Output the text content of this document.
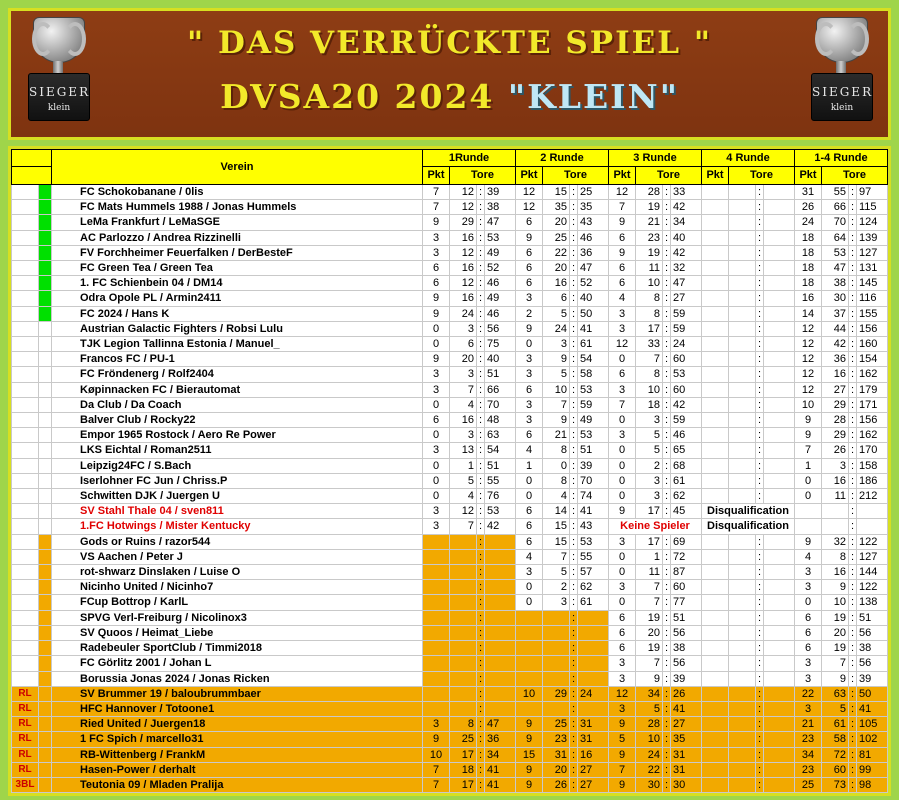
SIEGER
klein
" DAS VERRÜCKTE SPIEL "
DVSA20 2024 "KLEIN"	SIEGER
klein
		Verein	1Runde				2 Runde				3 Runde				4 Runde				1-4 Runde			
			Pkt	Tore			Pkt	Tore			Pkt	Tore			Pkt	Tore			Pkt	Tore		
		FC Schokobanane / 0lis	7	12	:	39	12	15	:	25	12	28	:	33			:		31	55	:	97
		FC Mats Hummels 1988 / Jonas Hummels	7	12	:	38	12	35	:	35	7	19	:	42			:		26	66	:	115
		LeMa Frankfurt / LeMaSGE	9	29	:	47	6	20	:	43	9	21	:	34			:		24	70	:	124
		AC Parlozzo / Andrea Rizzinelli	3	16	:	53	9	25	:	46	6	23	:	40			:		18	64	:	139
		FV Forchheimer Feuerfalken / DerBesteF	3	12	:	49	6	22	:	36	9	19	:	42			:		18	53	:	127
		FC Green Tea / Green Tea	6	16	:	52	6	20	:	47	6	11	:	32			:		18	47	:	131
		1. FC Schienbein 04 / DM14	6	12	:	46	6	16	:	52	6	10	:	47			:		18	38	:	145
		Odra Opole PL / Armin2411	9	16	:	49	3	6	:	40	4	8	:	27			:		16	30	:	116
		FC 2024 / Hans K	9	24	:	46	2	5	:	50	3	8	:	59			:		14	37	:	155
		Austrian Galactic Fighters / Robsi Lulu	0	3	:	56	9	24	:	41	3	17	:	59			:		12	44	:	156
		TJK Legion Tallinna Estonia / Manuel_	0	6	:	75	0	3	:	61	12	33	:	24			:		12	42	:	160
		Francos FC / PU-1	9	20	:	40	3	9	:	54	0	7	:	60			:		12	36	:	154
		FC Fröndenerg / Rolf2404	3	3	:	51	3	5	:	58	6	8	:	53			:		12	16	:	162
		Køpinnacken FC / Bierautomat	3	7	:	66	6	10	:	53	3	10	:	60			:		12	27	:	179
		Da Club / Da Coach	0	4	:	70	3	7	:	59	7	18	:	42			:		10	29	:	171
		Balver Club / Rocky22	6	16	:	48	3	9	:	49	0	3	:	59			:		9	28	:	156
		Empor 1965 Rostock / Aero Re Power	0	3	:	63	6	21	:	53	3	5	:	46			:		9	29	:	162
		LKS Eichtal / Roman2511	3	13	:	54	4	8	:	51	0	5	:	65			:		7	26	:	170
		Leipzig24FC / S.Bach	0	1	:	51	1	0	:	39	0	2	:	68			:		1	3	:	158
		Iserlohner FC Jun / Chriss.P	0	5	:	55	0	8	:	70	0	3	:	61			:		0	16	:	186
		Schwitten DJK / Juergen U	0	4	:	76	0	4	:	74	0	3	:	62			:		0	11	:	212
		SV Stahl Thale 04 / sven811	3	12	:	53	6	14	:	41	9	17	:	45	Disqualification						:	
		1.FC Hotwings / Mister Kentucky	3	7	:	42	6	15	:	43	Keine Spieler				Disqualification						:	
		Gods or Ruins / razor544			:		6	15	:	53	3	17	:	69			:		9	32	:	122
		VS Aachen / Peter J			:		4	7	:	55	0	1	:	72			:		4	8	:	127
		rot-shwarz Dinslaken / Luise O			:		3	5	:	57	0	11	:	87			:		3	16	:	144
		Nicinho United / Nicinho7			:		0	2	:	62	3	7	:	60			:		3	9	:	122
		FCup Bottrop / KarlL			:		0	3	:	61	0	7	:	77			:		0	10	:	138
		SPVG Verl-Freiburg / Nicolinox3			:				:		6	19	:	51			:		6	19	:	51
		SV Quoos / Heimat_Liebe			:				:		6	20	:	56			:		6	20	:	56
		Radebeuler SportClub / Timmi2018			:				:		6	19	:	38			:		6	19	:	38
		FC Görlitz 2001 / Johan L			:				:		3	7	:	56			:		3	7	:	56
		Borussia Jonas 2024 / Jonas Ricken			:				:		3	9	:	39			:		3	9	:	39
RL		SV Brummer 19 / baloubrummbaer			:		10	29	:	24	12	34	:	26			:		22	63	:	50
RL		HFC Hannover / Totoone1			:				:		3	5	:	41			:		3	5	:	41
RL		Ried United / Juergen18	3	8	:	47	9	25	:	31	9	28	:	27			:		21	61	:	105
RL		1 FC Spich / marcello31	9	25	:	36	9	23	:	31	5	10	:	35			:		23	58	:	102
RL		RB-Wittenberg / FrankM	10	17	:	34	15	31	:	16	9	24	:	31			:		34	72	:	81
RL		Hasen-Power / derhalt	7	18	:	41	9	20	:	27	7	22	:	31			:		23	60	:	99
3BL		Teutonia 09 / Mladen Pralija	7	17	:	41	9	26	:	27	9	30	:	30			:		25	73	:	98
